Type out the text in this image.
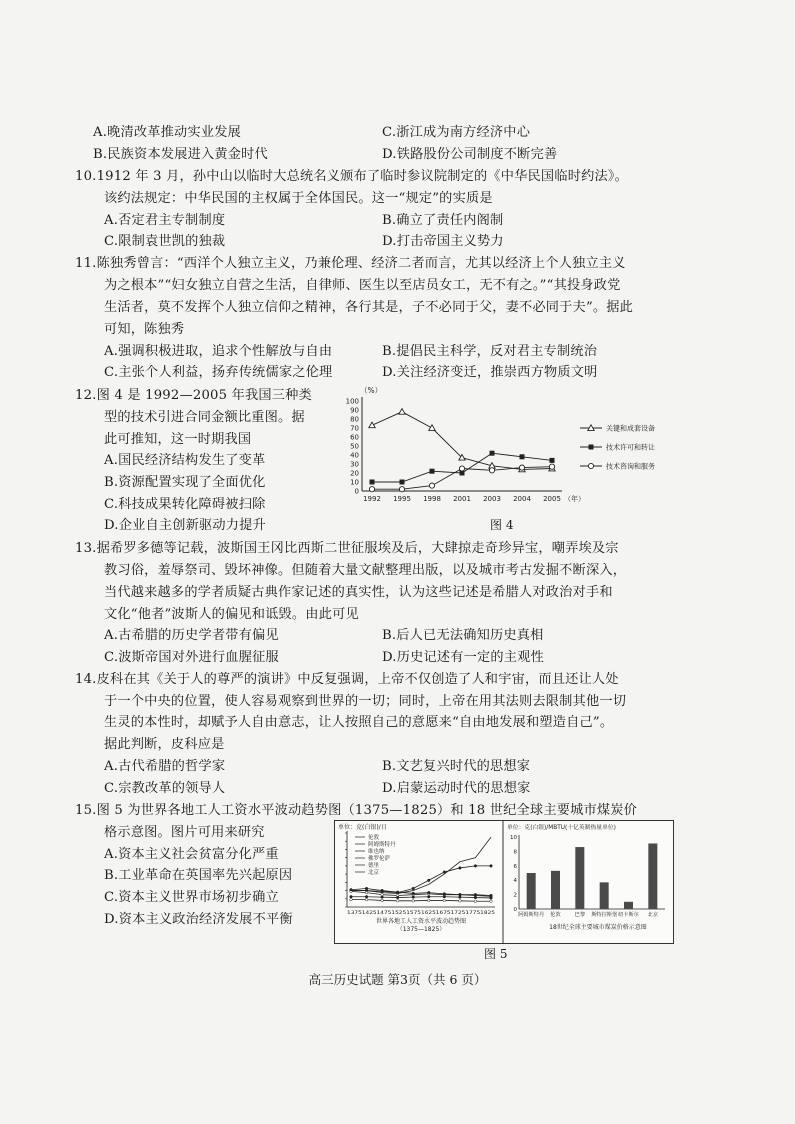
A.晚清改革推动实业发展	C.浙江成为南方经济中心
B.民族资本发展进入黄金时代	D.铁路股份公司制度不断完善
10.1912 年 3 月，孙中山以临时大总统名义颁布了临时参议院制定的《中华民国临时约法》。
该约法规定：中华民国的主权属于全体国民。这一“规定”的实质是
A.否定君主专制制度	B.确立了责任内阁制
C.限制袁世凯的独裁	D.打击帝国主义势力
11.陈独秀曾言：“西洋个人独立主义，乃兼伦理、经济二者而言，尤其以经济上个人独立主义
为之根本”“妇女独立自营之生活，自律师、医生以至店员女工，无不有之。”“其投身政党
生活者，莫不发挥个人独立信仰之精神，各行其是，子不必同于父，妻不必同于夫”。据此
可知，陈独秀
A.强调积极进取，追求个性解放与自由	B.提倡民主科学，反对君主专制统治
C.主张个人利益，扬弃传统儒家之伦理	D.关注经济变迁，推崇西方物质文明
12.图 4 是 1992—2005 年我国三种类
型的技术引进合同金额比重图。据
此可推知，这一时期我国
A.国民经济结构发生了变革
B.资源配置实现了全面优化
C.科技成果转化障碍被扫除
D.企业自主创新驱动力提升
（%）
0
10
20
30
40
50
60
70
80
90
100
1992 1995 1998 2001 2003 2004 2005 （年）
关键和成套设备
技术许可和转让
技术咨询和服务
图 4
13.据希罗多德等记载，波斯国王冈比西斯二世征服埃及后，大肆掠走奇珍异宝，嘲弄埃及宗
教习俗，羞辱祭司、毁坏神像。但随着大量文献整理出版，以及城市考古发掘不断深入，
当代越来越多的学者质疑古典作家记述的真实性，认为这些记述是希腊人对政治对手和
文化“他者”波斯人的偏见和诋毁。由此可见
A.古希腊的历史学者带有偏见	B.后人已无法确知历史真相
C.波斯帝国对外进行血腥征服	D.历史记述有一定的主观性
14.皮科在其《关于人的尊严的演讲》中反复强调，上帝不仅创造了人和宇宙，而且还让人处
于一个中央的位置，使人容易观察到世界的一切；同时，上帝在用其法则去限制其他一切
生灵的本性时，却赋予人自由意志，让人按照自己的意愿来“自由地发展和塑造自己”。
据此判断，皮科应是
A.古代希腊的哲学家	B.文艺复兴时代的思想家
C.宗教改革的领导人	D.启蒙运动时代的思想家
15.图 5 为世界各地工人工资水平波动趋势图（1375—1825）和 18 世纪全球主要城市煤炭价
格示意图。图片可用来研究
A.资本主义社会贫富分化严重
B.工业革命在英国率先兴起原因
C.资本主义世界市场初步确立
D.资本主义政治经济发展不平衡
单位：克(白银)/日
1375142514751525157516251675172517751825
伦敦
阿姆斯特丹
维也纳
佛罗伦萨
德里
北京
世界各地工人工资水平波动趋势图
（1375—1825）
单位：克(白银)/MBTU(十亿英制热量单位)
0
2
4
6
8
10
阿姆斯特丹 伦敦	巴黎 斯特拉斯堡 纽卡斯尔 北京
18世纪全球主要城市煤炭价格示意图
图 5
高三历史试题 第3页（共 6 页）
